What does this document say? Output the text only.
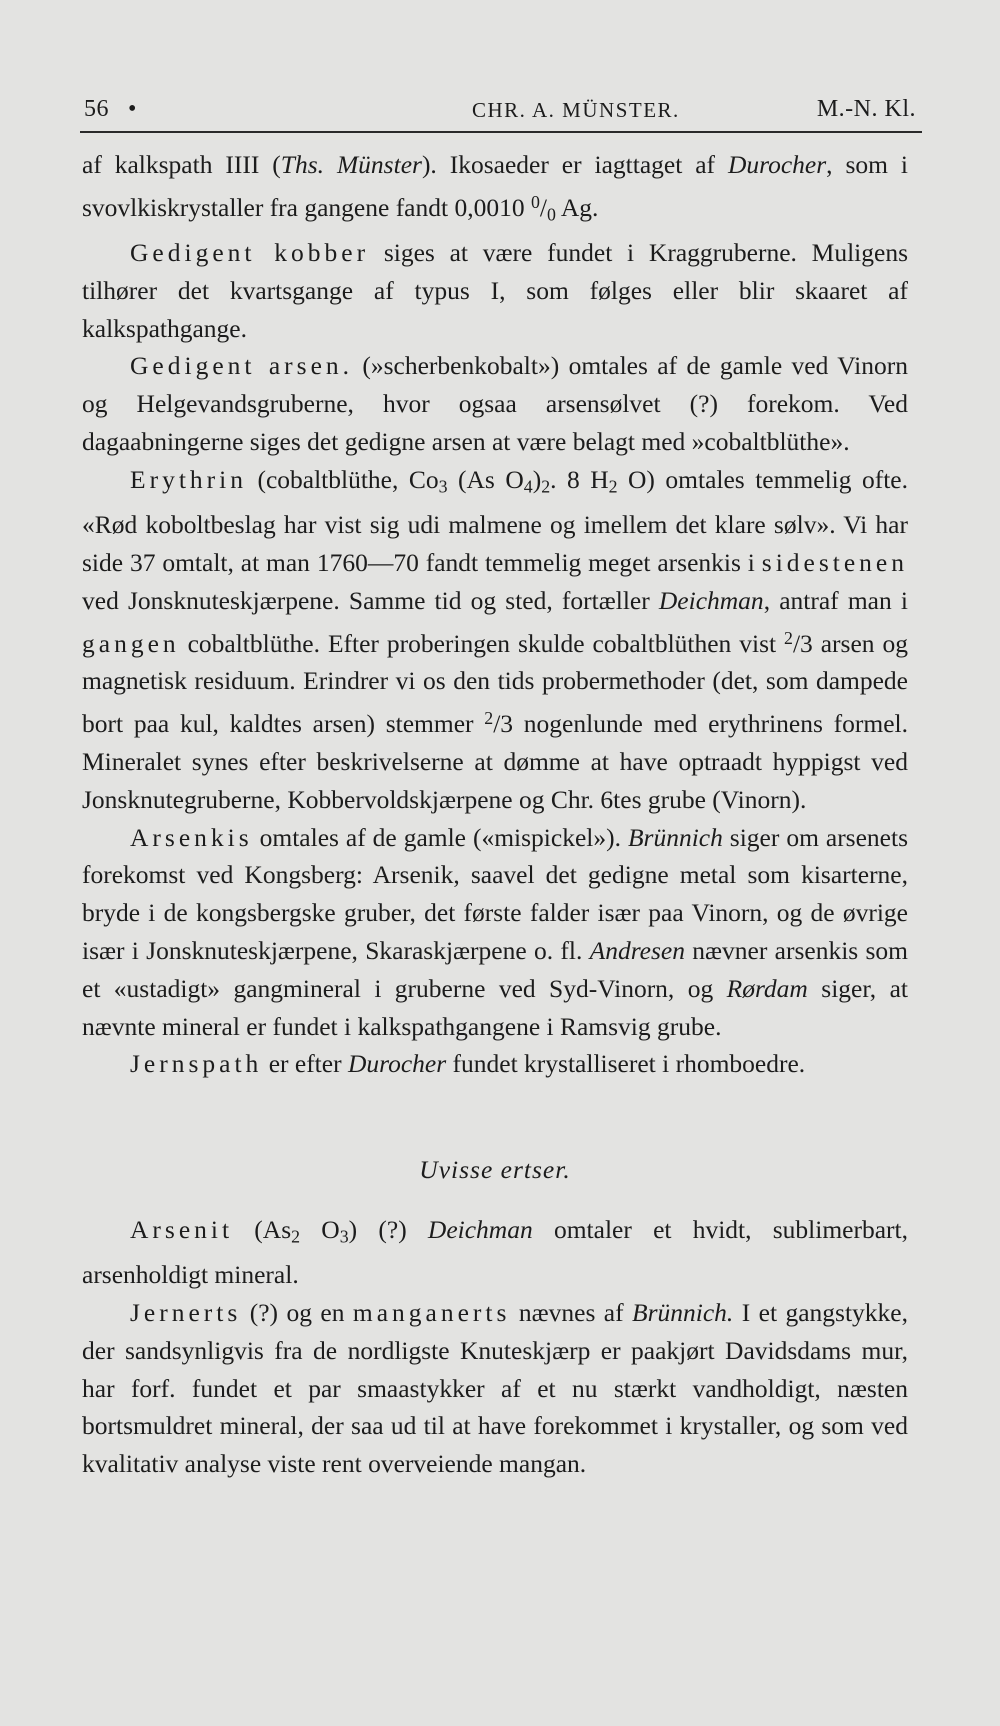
56 •	CHR. A. MÜNSTER.	M.-N. Kl.

af kalkspath IIII (Ths. Münster). Ikosaeder er iagttaget af Durocher, som i svovlkiskrystaller fra gangene fandt 0,0010 $^0/_0$ Ag.

Gedigent kobber siges at være fundet i Kraggruberne. Muligens tilhører det kvartsgange af typus I, som følges eller blir skaaret af kalkspathgange.

Gedigent arsen. (»scherbenkobalt») omtales af de gamle ved Vinorn og Helgevandsgruberne, hvor ogsaa arsensølvet (?) forekom. Ved dagaabningerne siges det gedigne arsen at være belagt med »cobaltblüthe».

Erythrin (cobaltblüthe, $Co_3$ (As $O_4)_2$. 8 $H_2$ O) omtales temmelig ofte. «Rød koboltbeslag har vist sig udi malmene og imellem det klare sølv». Vi har side 37 omtalt, at man 1760—70 fandt temmelig meget arsenkis i sidestenen ved Jonsknuteskjærpene. Samme tid og sted, fortæller Deichman, antraf man i gangen cobaltblüthe. Efter proberingen skulde cobaltblüthen vist $^2$/3 arsen og magnetisk residuum. Erindrer vi os den tids probermethoder (det, som dampede bort paa kul, kaldtes arsen) stemmer $^2$/3 nogenlunde med erythrinens formel. Mineralet synes efter beskrivelserne at dømme at have optraadt hyppigst ved Jonsknutegruberne, Kobbervoldskjærpene og Chr. 6tes grube (Vinorn).

Arsenkis omtales af de gamle («mispickel»). Brünnich siger om arsenets forekomst ved Kongsberg: Arsenik, saavel det gedigne metal som kisarterne, bryde i de kongsbergske gruber, det første falder især paa Vinorn, og de øvrige især i Jonsknuteskjærpene, Skaraskjærpene o. fl. Andresen nævner arsenkis som et «ustadigt» gangmineral i gruberne ved Syd-Vinorn, og Rørdam siger, at nævnte mineral er fundet i kalkspathgangene i Ramsvig grube.

Jernspath er efter Durocher fundet krystalliseret i rhomboedre.

Uvisse ertser.

Arsenit ($As_2$ $O_3$) (?) Deichman omtaler et hvidt, sublimerbart, arsenholdigt mineral.

Jernerts (?) og en manganerts nævnes af Brünnich. I et gangstykke, der sandsynligvis fra de nordligste Knuteskjærp er paakjørt Davidsdams mur, har forf. fundet et par smaastykker af et nu stærkt vandholdigt, næsten bortsmuldret mineral, der saa ud til at have forekommet i krystaller, og som ved kvalitativ analyse viste rent overveiende mangan.
